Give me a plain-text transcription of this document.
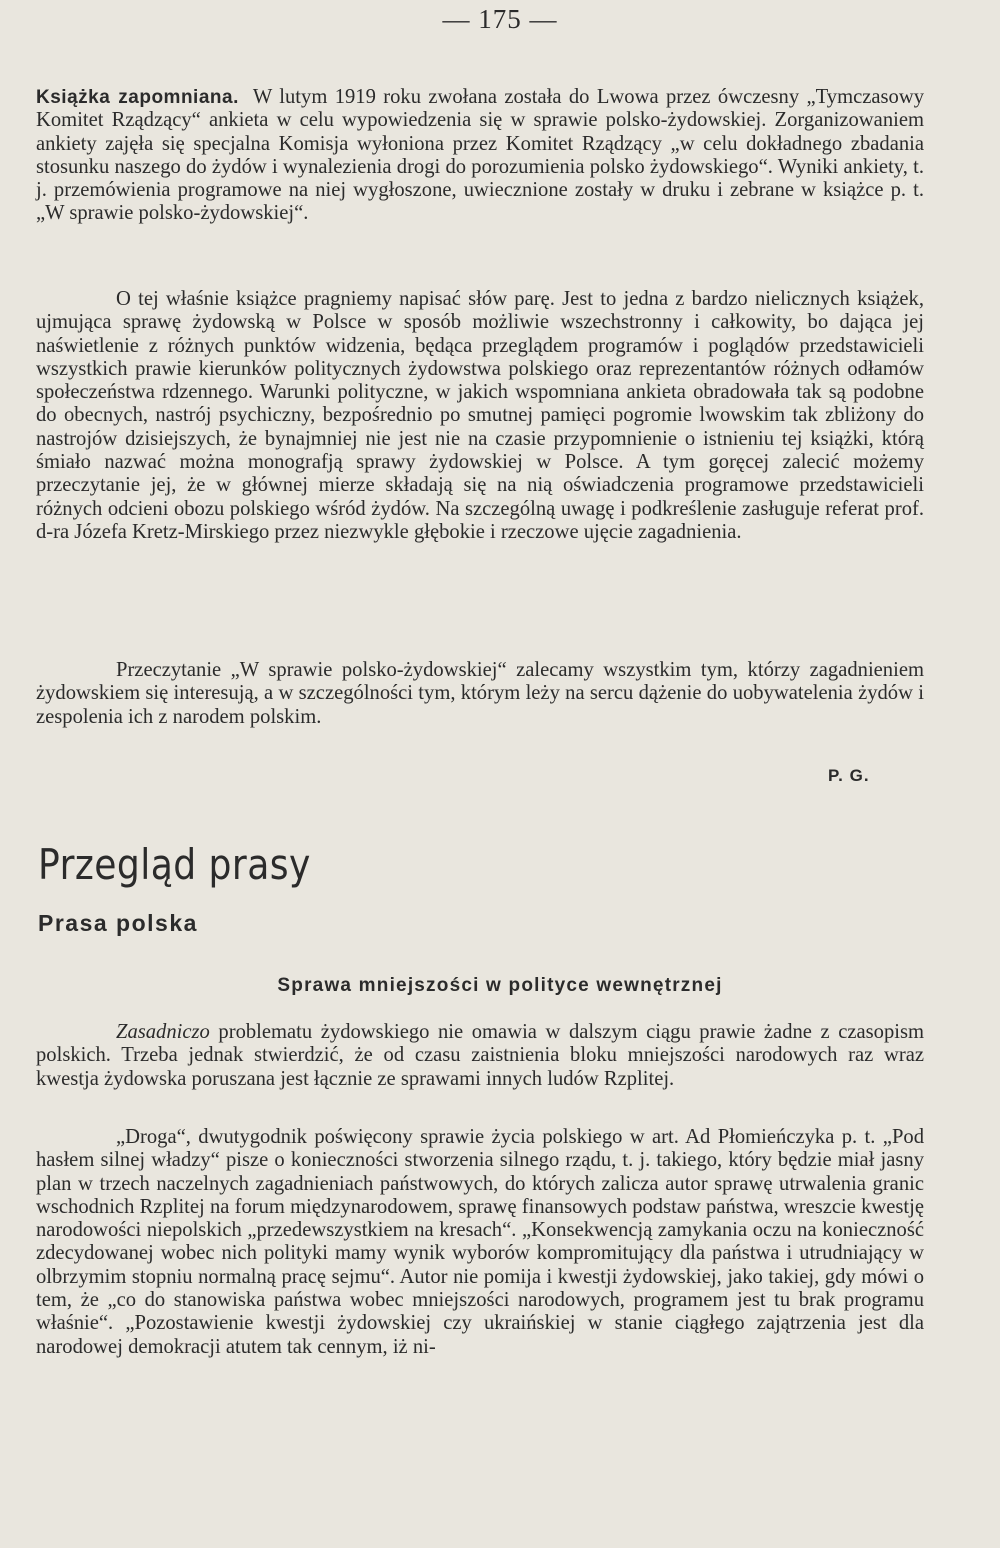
— 175 —

Książka zapomniana. W lutym 1919 roku zwołana została do Lwowa przez ówczesny „Tymczasowy Komitet Rządzący“ ankieta w celu wypowiedzenia się w sprawie polsko-żydowskiej. Zorganizowaniem ankiety zajęła się specjalna Komisja wyłoniona przez Komitet Rządzący „w celu dokładnego zbadania stosunku naszego do żydów i wynalezienia drogi do porozumienia polsko żydowskiego“. Wyniki ankiety, t. j. przemówienia programowe na niej wygłoszone, uwiecznione zostały w druku i zebrane w książce p. t. „W sprawie polsko-żydowskiej“.

O tej właśnie książce pragniemy napisać słów parę. Jest to jedna z bardzo nielicznych książek, ujmująca sprawę żydowską w Polsce w sposób możliwie wszechstronny i całkowity, bo dająca jej naświetlenie z różnych punktów widzenia, będąca przeglądem programów i poglądów przedstawicieli wszystkich prawie kierunków politycznych żydowstwa polskiego oraz reprezentantów różnych odłamów społeczeństwa rdzennego. Warunki polityczne, w jakich wspomniana ankieta obradowała tak są podobne do obecnych, nastrój psychiczny, bezpośrednio po smutnej pamięci pogromie lwowskim tak zbliżony do nastrojów dzisiejszych, że bynajmniej nie jest nie na czasie przypomnienie o istnieniu tej książki, którą śmiało nazwać można monografją sprawy żydowskiej w Polsce. A tym goręcej zalecić możemy przeczytanie jej, że w głównej mierze składają się na nią oświadczenia programowe przedstawicieli różnych odcieni obozu polskiego wśród żydów. Na szczególną uwagę i podkreślenie zasługuje referat prof. d-ra Józefa Kretz-Mirskiego przez niezwykle głębokie i rzeczowe ujęcie zagadnienia.

Przeczytanie „W sprawie polsko-żydowskiej“ zalecamy wszystkim tym, którzy zagadnieniem żydowskiem się interesują, a w szczególności tym, którym leży na sercu dążenie do uobywatelenia żydów i zespolenia ich z narodem polskim.

P. G.
Przegląd prasy
Prasa polska
Sprawa mniejszości w polityce wewnętrznej

Zasadniczo problematu żydowskiego nie omawia w dalszym ciągu prawie żadne z czasopism polskich. Trzeba jednak stwierdzić, że od czasu zaistnienia bloku mniejszości narodowych raz wraz kwestja żydowska poruszana jest łącznie ze sprawami innych ludów Rzplitej.

„Droga“, dwutygodnik poświęcony sprawie życia polskiego w art. Ad Płomieńczyka p. t. „Pod hasłem silnej władzy“ pisze o konieczności stworzenia silnego rządu, t. j. takiego, który będzie miał jasny plan w trzech naczelnych zagadnieniach państwowych, do których zalicza autor sprawę utrwalenia granic wschodnich Rzplitej na forum międzynarodowem, sprawę finansowych podstaw państwa, wreszcie kwestję narodowości niepolskich „przedewszystkiem na kresach“. „Konsekwencją zamykania oczu na konieczność zdecydowanej wobec nich polityki mamy wynik wyborów kompromitujący dla państwa i utrudniający w olbrzymim stopniu normalną pracę sejmu“. Autor nie pomija i kwestji żydowskiej, jako takiej, gdy mówi o tem, że „co do stanowiska państwa wobec mniejszości narodowych, programem jest tu brak programu właśnie“. „Pozostawienie kwestji żydowskiej czy ukraińskiej w stanie ciągłego zajątrzenia jest dla narodowej demokracji atutem tak cennym, iż ni-
